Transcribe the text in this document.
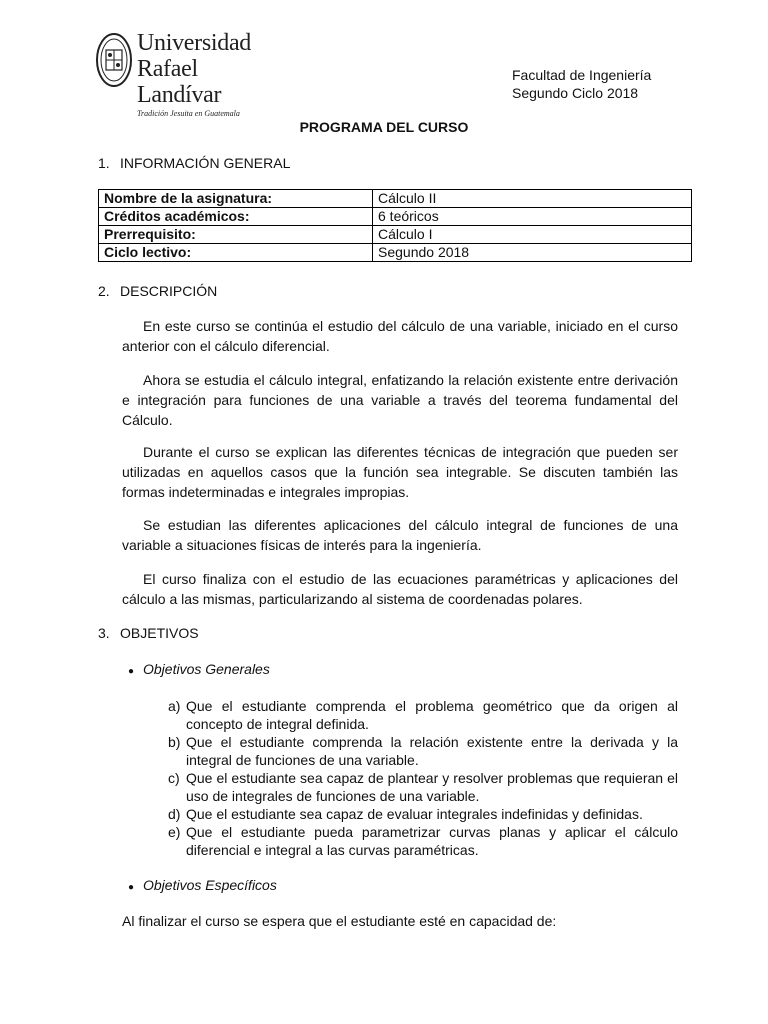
Universidad
Rafael Landívar
Tradición Jesuita en Guatemala
Facultad de Ingeniería
Segundo Ciclo 2018
PROGRAMA DEL CURSO
1. INFORMACIÓN GENERAL
Nombre de la asignatura:	Cálculo II
Créditos académicos:	6 teóricos
Prerrequisito:	Cálculo I
Ciclo lectivo:	Segundo 2018
2. DESCRIPCIÓN
En este curso se continúa el estudio del cálculo de una variable, iniciado en el curso anterior con el cálculo diferencial.
Ahora se estudia el cálculo integral, enfatizando la relación existente entre derivación e integración para funciones de una variable a través del teorema fundamental del Cálculo.
Durante el curso se explican las diferentes técnicas de integración que pueden ser utilizadas en aquellos casos que la función sea integrable. Se discuten también las formas indeterminadas e integrales impropias.
Se estudian las diferentes aplicaciones del cálculo integral de funciones de una variable a situaciones físicas de interés para la ingeniería.
El curso finaliza con el estudio de las ecuaciones paramétricas y aplicaciones del cálculo a las mismas, particularizando al sistema de coordenadas polares.
3. OBJETIVOS
● Objetivos Generales
a) Que el estudiante comprenda el problema geométrico que da origen al concepto de integral definida.
b) Que el estudiante comprenda la relación existente entre la derivada y la integral de funciones de una variable.
c) Que el estudiante sea capaz de plantear y resolver problemas que requieran el uso de integrales de funciones de una variable.
d) Que el estudiante sea capaz de evaluar integrales indefinidas y definidas.
e) Que el estudiante pueda parametrizar curvas planas y aplicar el cálculo diferencial e integral a las curvas paramétricas.
● Objetivos Específicos
Al finalizar el curso se espera que el estudiante esté en capacidad de:
